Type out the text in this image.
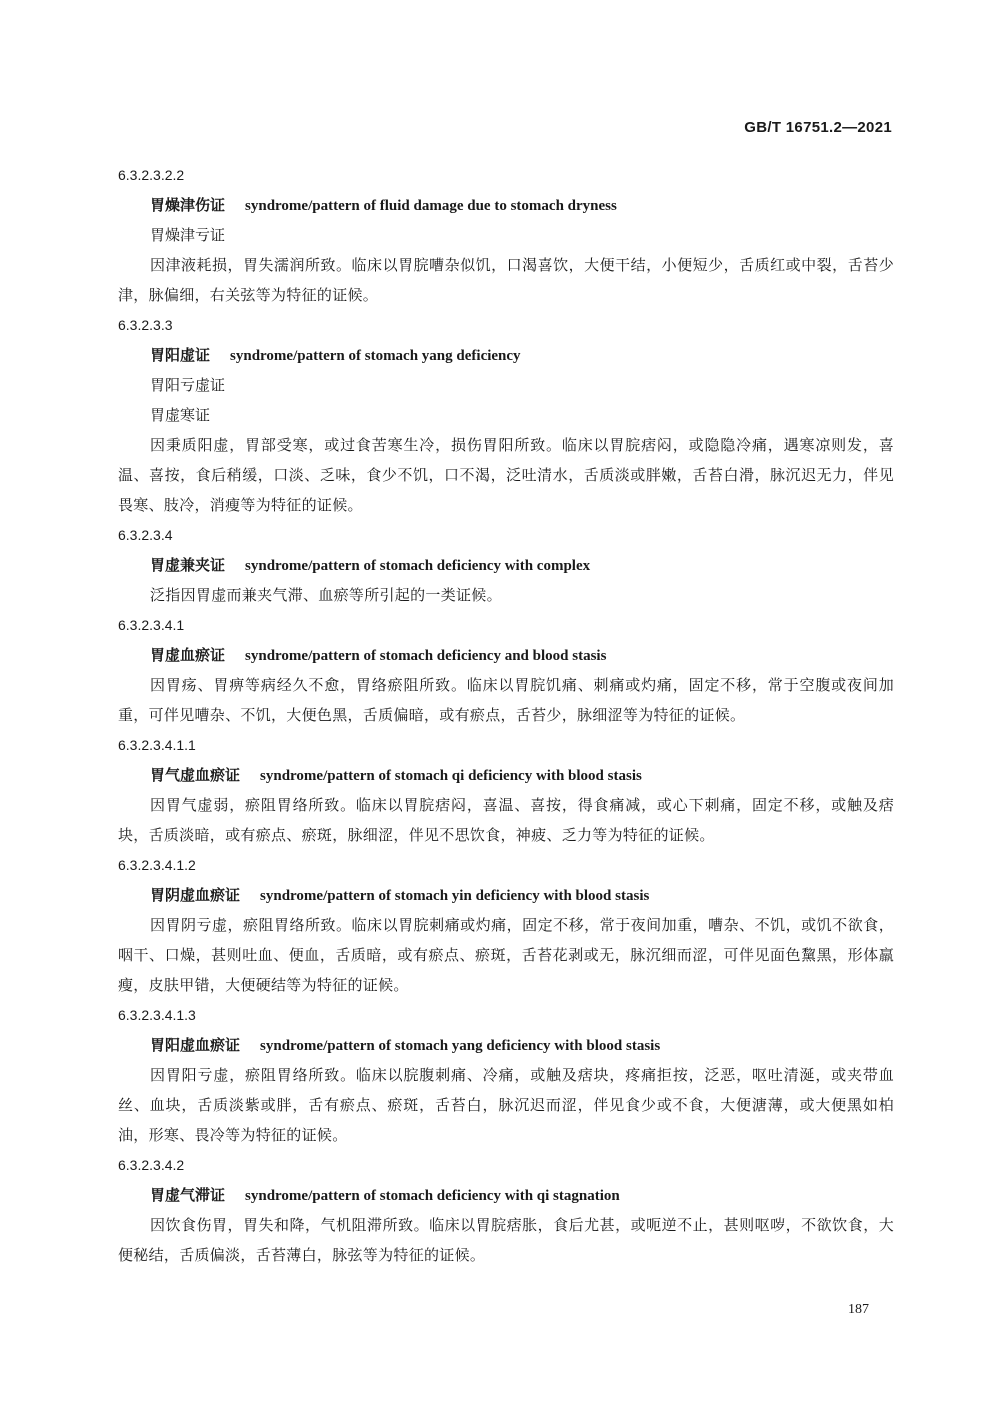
GB/T 16751.2—2021
6.3.2.3.2.2
胃燥津伤证 syndrome/pattern of fluid damage due to stomach dryness
胃燥津亏证

因津液耗损，胃失濡润所致。临床以胃脘嘈杂似饥，口渴喜饮，大便干结，小便短少，舌质红或中裂，舌苔少津，脉偏细，右关弦等为特征的证候。

6.3.2.3.3
胃阳虚证 syndrome/pattern of stomach yang deficiency
胃阳亏虚证
胃虚寒证

因秉质阳虚，胃部受寒，或过食苦寒生冷，损伤胃阳所致。临床以胃脘痞闷，或隐隐冷痛，遇寒凉则发，喜温、喜按，食后稍缓，口淡、乏味，食少不饥，口不渴，泛吐清水，舌质淡或胖嫩，舌苔白滑，脉沉迟无力，伴见畏寒、肢冷，消瘦等为特征的证候。

6.3.2.3.4
胃虚兼夹证 syndrome/pattern of stomach deficiency with complex

泛指因胃虚而兼夹气滞、血瘀等所引起的一类证候。

6.3.2.3.4.1
胃虚血瘀证 syndrome/pattern of stomach deficiency and blood stasis

因胃疡、胃痹等病经久不愈，胃络瘀阻所致。临床以胃脘饥痛、刺痛或灼痛，固定不移，常于空腹或夜间加重，可伴见嘈杂、不饥，大便色黑，舌质偏暗，或有瘀点，舌苔少，脉细涩等为特征的证候。

6.3.2.3.4.1.1
胃气虚血瘀证 syndrome/pattern of stomach qi deficiency with blood stasis

因胃气虚弱，瘀阻胃络所致。临床以胃脘痞闷，喜温、喜按，得食痛减，或心下刺痛，固定不移，或触及痞块，舌质淡暗，或有瘀点、瘀斑，脉细涩，伴见不思饮食，神疲、乏力等为特征的证候。

6.3.2.3.4.1.2
胃阴虚血瘀证 syndrome/pattern of stomach yin deficiency with blood stasis

因胃阴亏虚，瘀阻胃络所致。临床以胃脘刺痛或灼痛，固定不移，常于夜间加重，嘈杂、不饥，或饥不欲食，咽干、口燥，甚则吐血、便血，舌质暗，或有瘀点、瘀斑，舌苔花剥或无，脉沉细而涩，可伴见面色黧黑，形体羸瘦，皮肤甲错，大便硬结等为特征的证候。

6.3.2.3.4.1.3
胃阳虚血瘀证 syndrome/pattern of stomach yang deficiency with blood stasis

因胃阳亏虚，瘀阻胃络所致。临床以脘腹刺痛、冷痛，或触及痞块，疼痛拒按，泛恶，呕吐清涎，或夹带血丝、血块，舌质淡紫或胖，舌有瘀点、瘀斑，舌苔白，脉沉迟而涩，伴见食少或不食，大便溏薄，或大便黑如柏油，形寒、畏冷等为特征的证候。

6.3.2.3.4.2
胃虚气滞证 syndrome/pattern of stomach deficiency with qi stagnation

因饮食伤胃，胃失和降，气机阻滞所致。临床以胃脘痞胀，食后尤甚，或呃逆不止，甚则呕哕，不欲饮食，大便秘结，舌质偏淡，舌苔薄白，脉弦等为特征的证候。

187
